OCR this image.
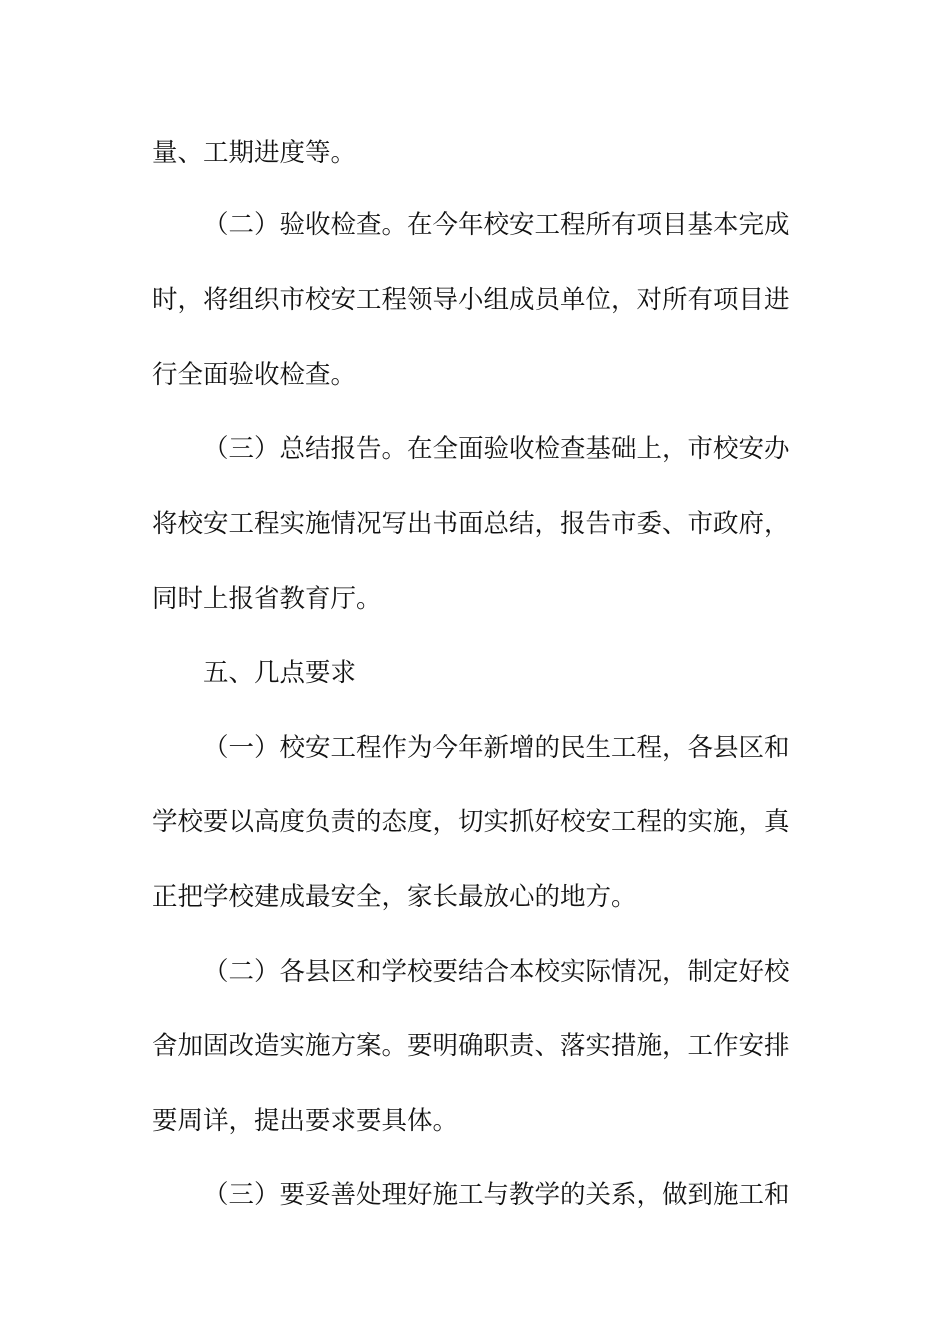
量、工期进度等。
（二）验收检查。在今年校安工程所有项目基本完成
时，将组织市校安工程领导小组成员单位，对所有项目进
行全面验收检查。
（三）总结报告。在全面验收检查基础上，市校安办
将校安工程实施情况写出书面总结，报告市委、市政府，
同时上报省教育厅。
五、几点要求
（一）校安工程作为今年新增的民生工程，各县区和
学校要以高度负责的态度，切实抓好校安工程的实施，真
正把学校建成最安全，家长最放心的地方。
（二）各县区和学校要结合本校实际情况，制定好校
舍加固改造实施方案。要明确职责、落实措施，工作安排
要周详，提出要求要具体。
（三）要妥善处理好施工与教学的关系，做到施工和
